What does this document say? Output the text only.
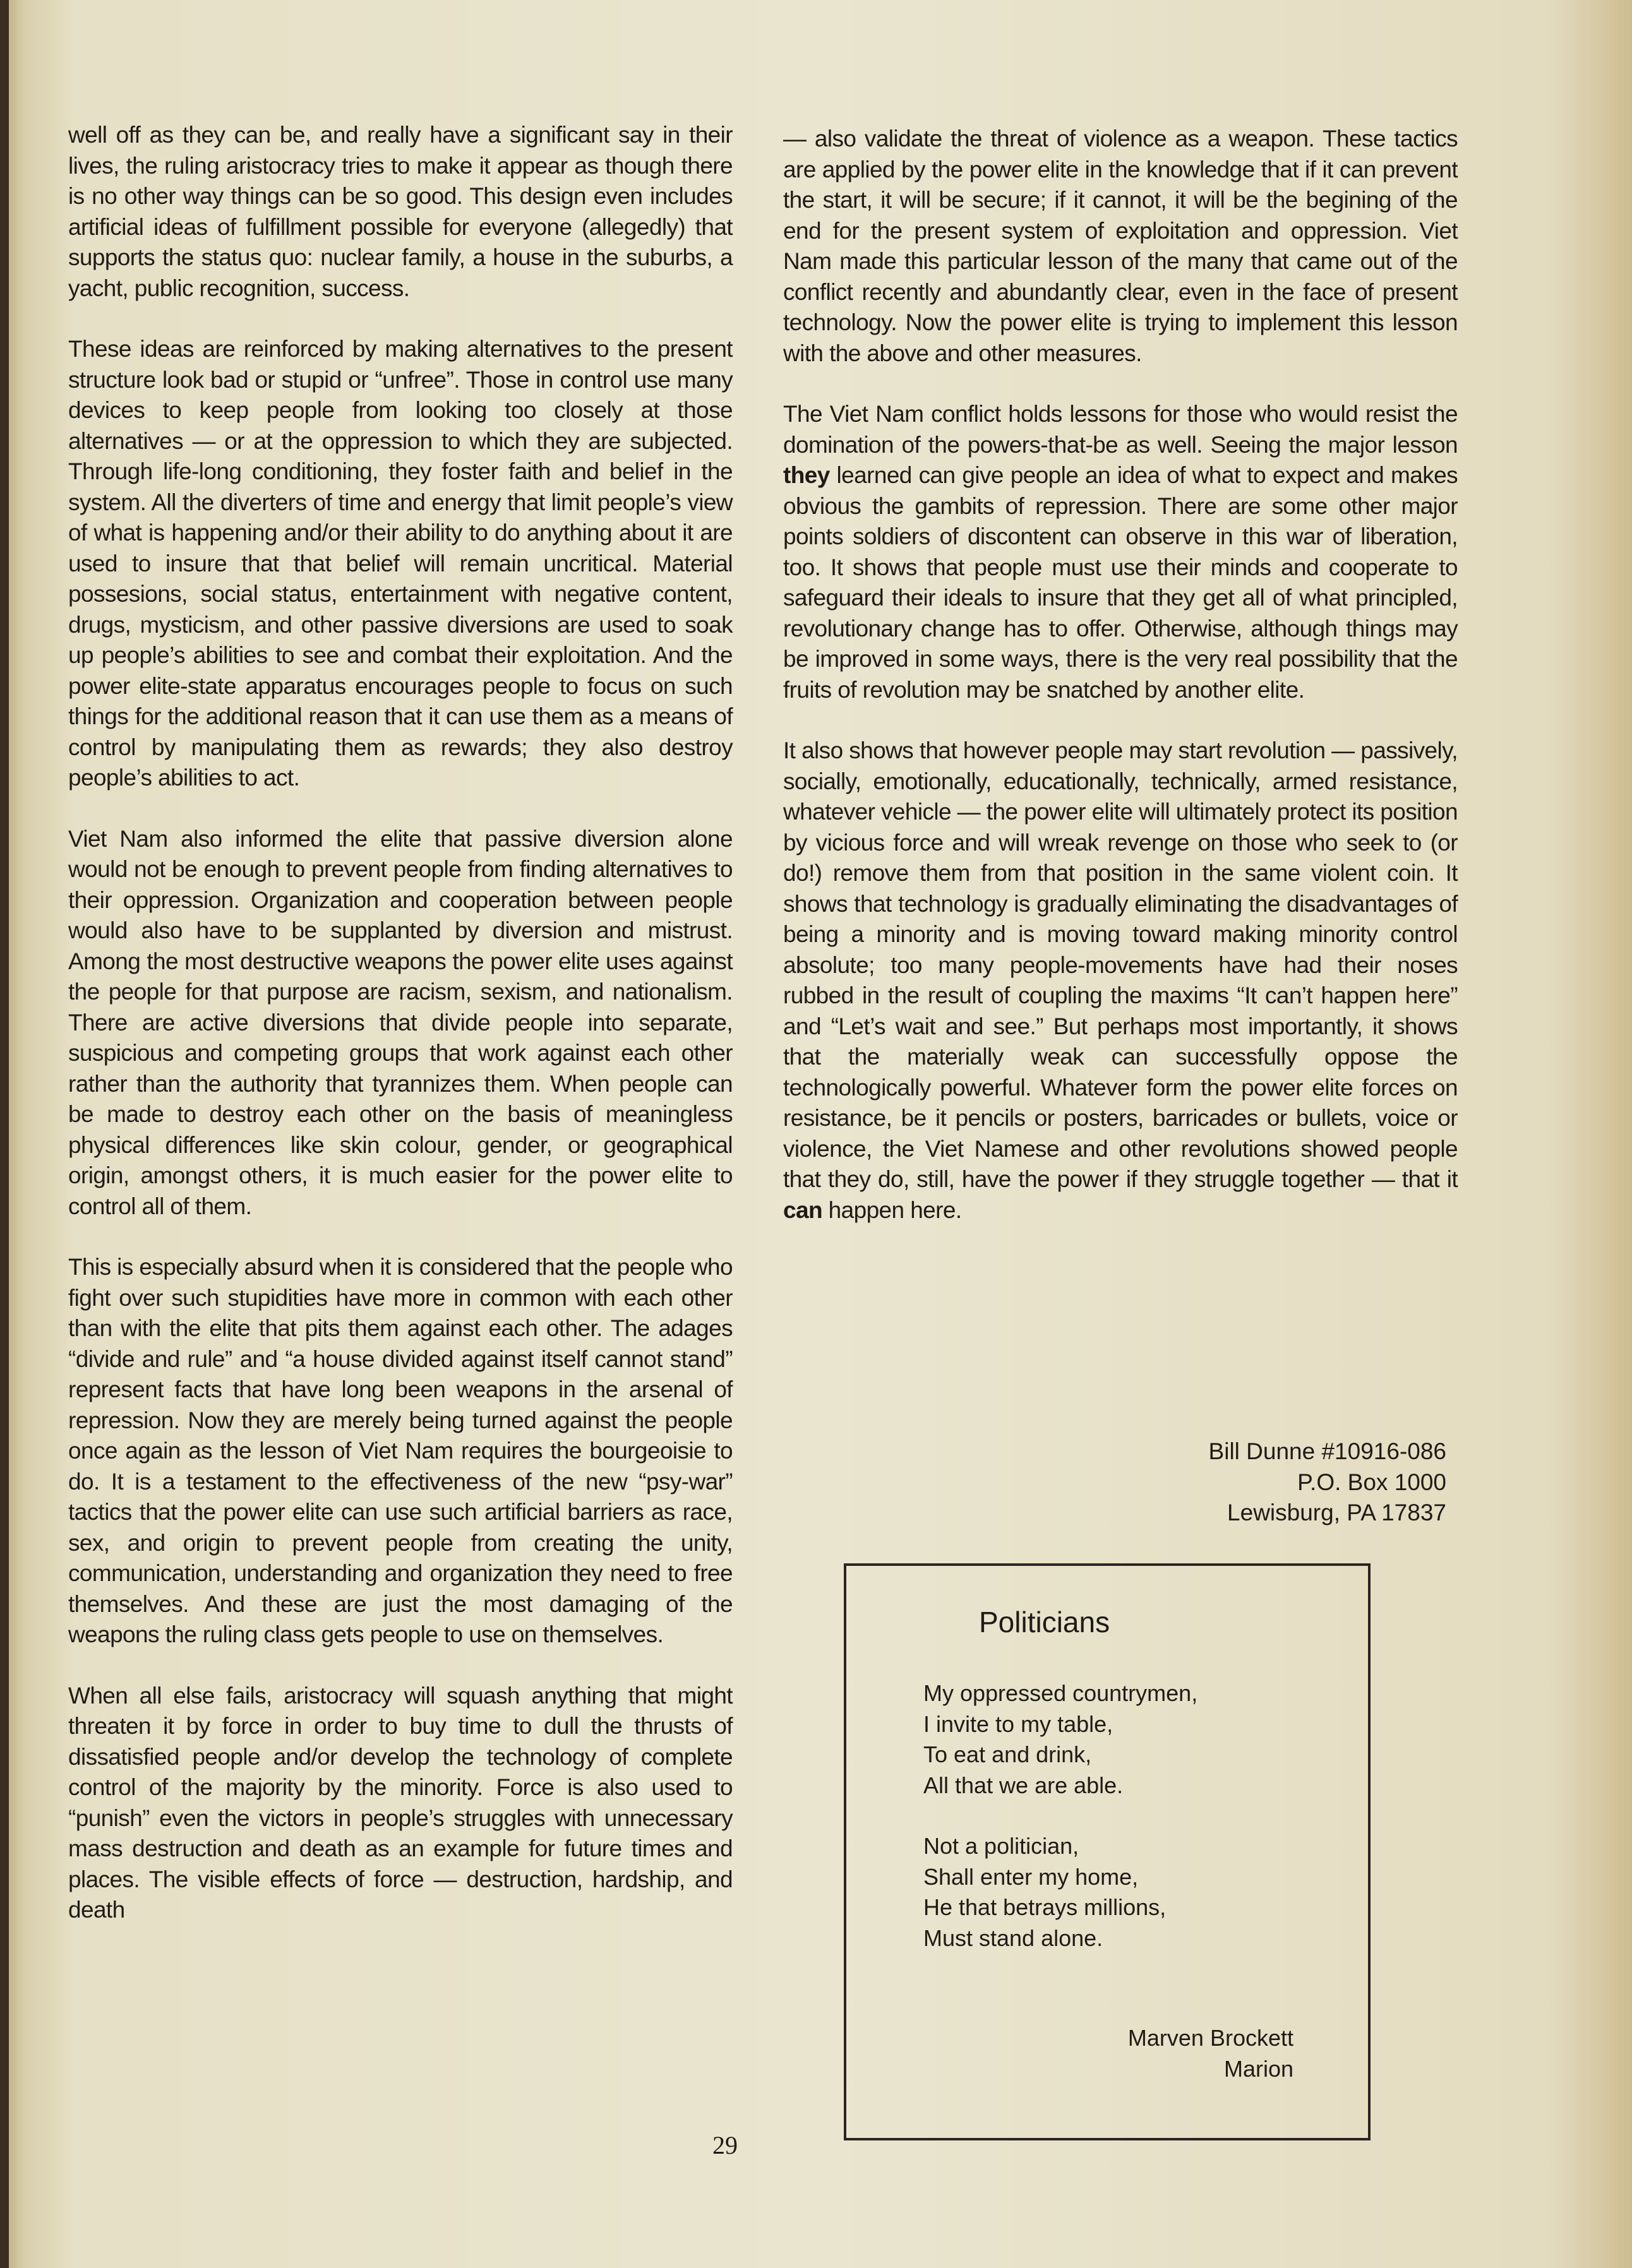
well off as they can be, and really have a significant say in their lives, the ruling aristocracy tries to make it appear as though there is no other way things can be so good. This design even includes artificial ideas of fulfillment possible for everyone (allegedly) that supports the status quo: nuclear family, a house in the suburbs, a yacht, public recognition, success.

These ideas are reinforced by making alternatives to the present structure look bad or stupid or “unfree”. Those in control use many devices to keep people from looking too closely at those alternatives — or at the oppression to which they are subjected. Through life-long conditioning, they foster faith and belief in the system. All the diverters of time and energy that limit people’s view of what is happening and/or their ability to do anything about it are used to insure that that belief will remain uncritical. Material possesions, social status, entertainment with negative content, drugs, mysticism, and other passive diversions are used to soak up people’s abilities to see and combat their exploitation. And the power elite-state apparatus encourages people to focus on such things for the additional reason that it can use them as a means of control by manipulating them as rewards; they also destroy people’s abilities to act.

Viet Nam also informed the elite that passive diversion alone would not be enough to prevent people from finding alternatives to their oppression. Organization and cooperation between people would also have to be supplanted by diversion and mistrust. Among the most destructive weapons the power elite uses against the people for that purpose are racism, sexism, and nationalism. There are active diversions that divide people into separate, suspicious and competing groups that work against each other rather than the authority that tyrannizes them. When people can be made to destroy each other on the basis of meaningless physical differences like skin colour, gender, or geographical origin, amongst others, it is much easier for the power elite to control all of them.

This is especially absurd when it is considered that the people who fight over such stupidities have more in common with each other than with the elite that pits them against each other. The adages “divide and rule” and “a house divided against itself cannot stand” represent facts that have long been weapons in the arsenal of repression. Now they are merely being turned against the people once again as the lesson of Viet Nam requires the bourgeoisie to do. It is a testament to the effectiveness of the new “psy-war” tactics that the power elite can use such artificial barriers as race, sex, and origin to prevent people from creating the unity, communication, understanding and organization they need to free themselves. And these are just the most damaging of the weapons the ruling class gets people to use on themselves.

When all else fails, aristocracy will squash anything that might threaten it by force in order to buy time to dull the thrusts of dissatisfied people and/or develop the technology of complete control of the majority by the minority. Force is also used to “punish” even the victors in people’s struggles with unnecessary mass destruction and death as an example for future times and places. The visible effects of force — destruction, hardship, and death

— also validate the threat of violence as a weapon. These tactics are applied by the power elite in the knowledge that if it can prevent the start, it will be secure; if it cannot, it will be the begining of the end for the present system of exploitation and oppression. Viet Nam made this particular lesson of the many that came out of the conflict recently and abundantly clear, even in the face of present technology. Now the power elite is trying to implement this lesson with the above and other measures.

The Viet Nam conflict holds lessons for those who would resist the domination of the powers-that-be as well. Seeing the major lesson they learned can give people an idea of what to expect and makes obvious the gambits of repression. There are some other major points soldiers of discontent can observe in this war of liberation, too. It shows that people must use their minds and cooperate to safeguard their ideals to insure that they get all of what principled, revolutionary change has to offer. Otherwise, although things may be improved in some ways, there is the very real possibility that the fruits of revolution may be snatched by another elite.

It also shows that however people may start revolution — passively, socially, emotionally, educationally, technically, armed resistance, whatever vehicle — the power elite will ultimately protect its position by vicious force and will wreak revenge on those who seek to (or do!) remove them from that position in the same violent coin. It shows that technology is gradually eliminating the disadvantages of being a minority and is moving toward making minority control absolute; too many people-movements have had their noses rubbed in the result of coupling the maxims “It can’t happen here” and “Let’s wait and see.” But perhaps most importantly, it shows that the materially weak can successfully oppose the technologically powerful. Whatever form the power elite forces on resistance, be it pencils or posters, barricades or bullets, voice or violence, the Viet Namese and other revolutions showed people that they do, still, have the power if they struggle together — that it can happen here.

Bill Dunne #10916-086
P.O. Box 1000
Lewisburg, PA 17837
Politicians
My oppressed countrymen,
I invite to my table,
To eat and drink,
All that we are able.
Not a politician,
Shall enter my home,
He that betrays millions,
Must stand alone.
Marven Brockett
Marion
29
